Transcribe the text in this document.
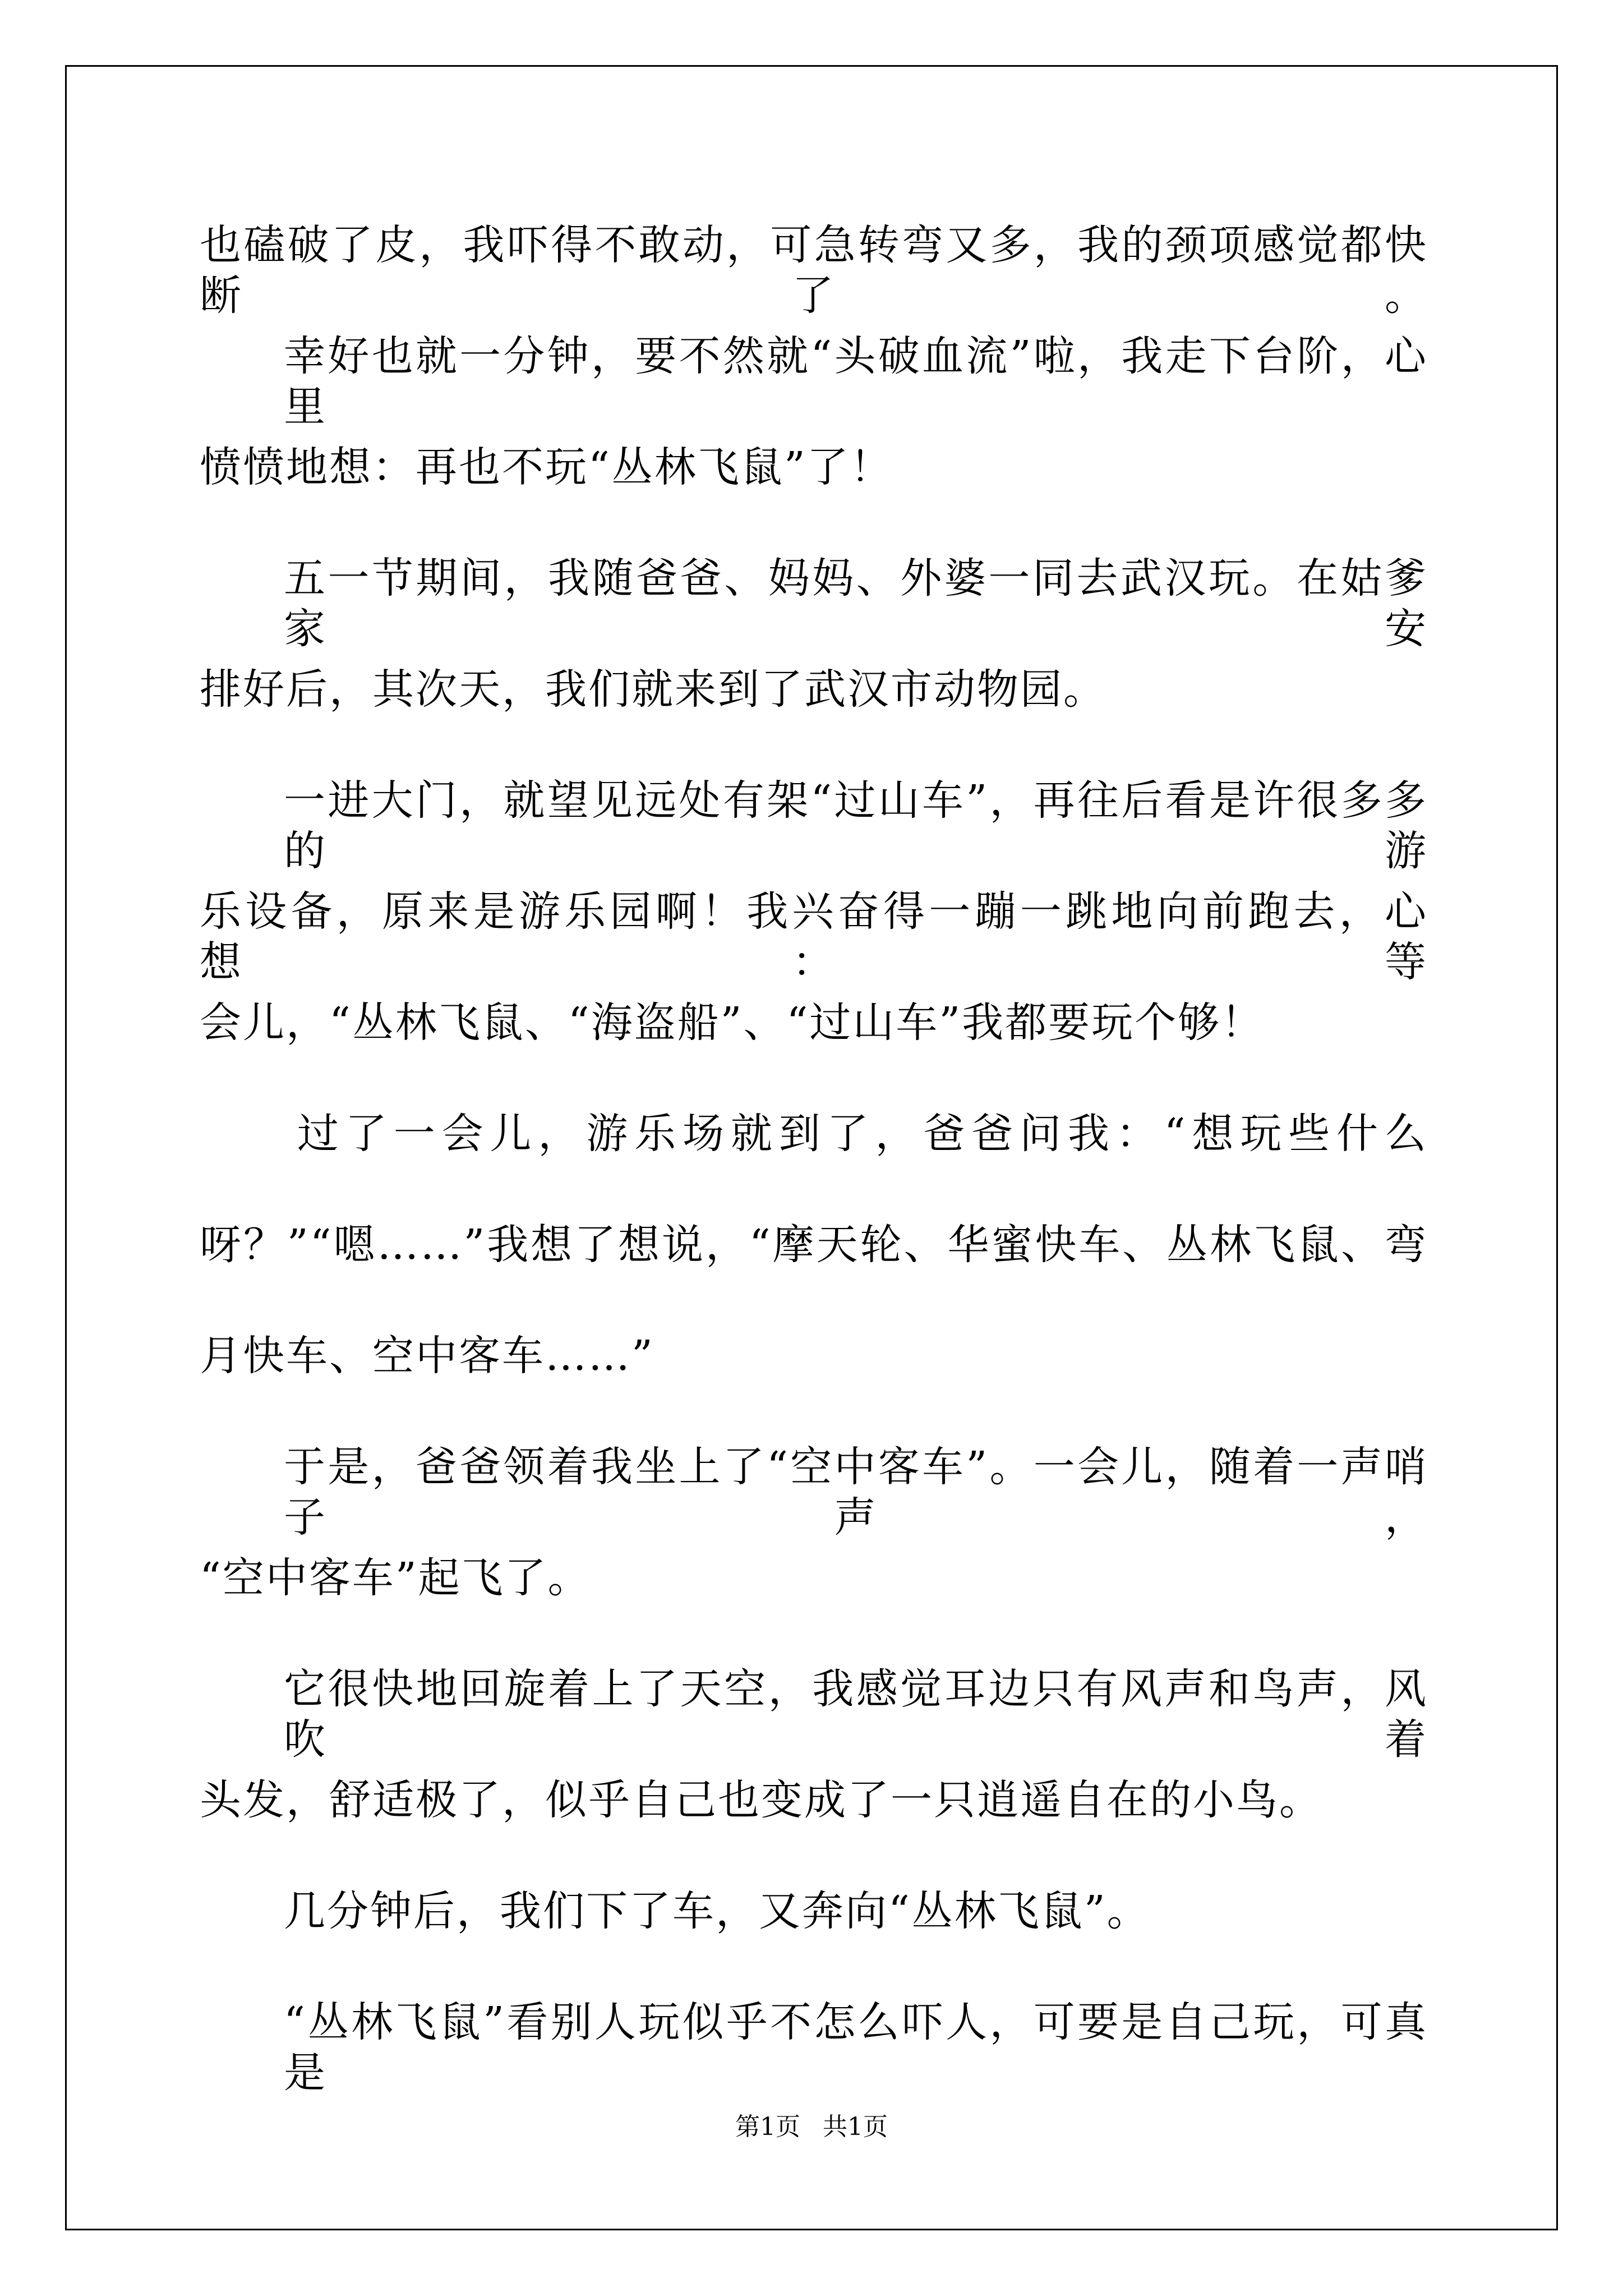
也磕破了皮，我吓得不敢动，可急转弯又多，我的颈项感觉都快断了。
幸好也就一分钟，要不然就“头破血流”啦，我走下台阶，心里
愤愤地想：再也不玩“丛林飞鼠”了！
五一节期间，我随爸爸、妈妈、外婆一同去武汉玩。在姑爹家安
排好后，其次天，我们就来到了武汉市动物园。
一进大门，就望见远处有架“过山车”，再往后看是许很多多的游
乐设备，原来是游乐园啊！我兴奋得一蹦一跳地向前跑去，心想：等
会儿，“丛林飞鼠、“海盗船”、“过山车”我都要玩个够！
过了一会儿，游乐场就到了，爸爸问我：“想玩些什么
呀？”“嗯……”我想了想说，“摩天轮、华蜜快车、丛林飞鼠、弯
月快车、空中客车……”
于是，爸爸领着我坐上了“空中客车”。一会儿，随着一声哨子声，
“空中客车”起飞了。
它很快地回旋着上了天空，我感觉耳边只有风声和鸟声，风吹着
头发，舒适极了，似乎自己也变成了一只逍遥自在的小鸟。
几分钟后，我们下了车，又奔向“丛林飞鼠”。
“丛林飞鼠”看别人玩似乎不怎么吓人，可要是自己玩，可真是
第1页 共1页
